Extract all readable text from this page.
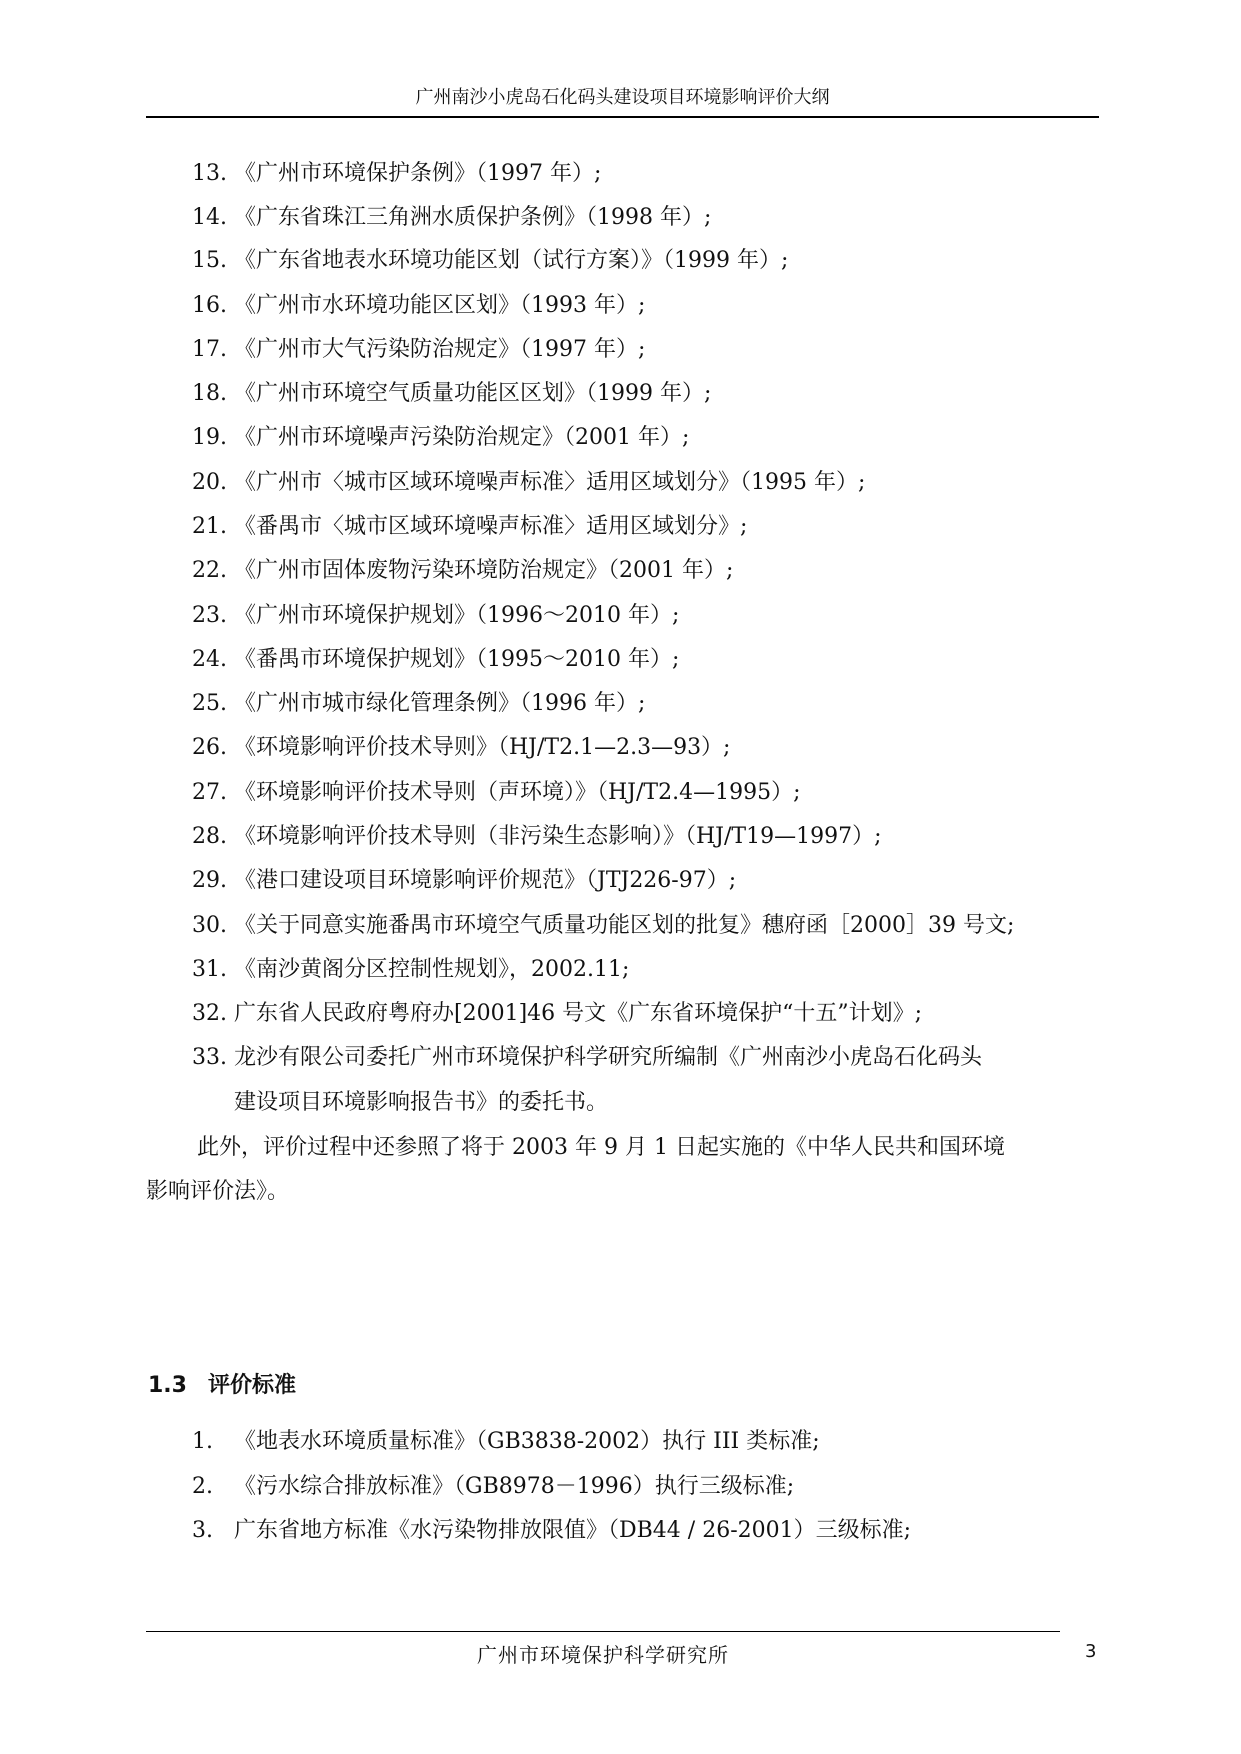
广州南沙小虎岛石化码头建设项目环境影响评价大纲
13. 《广州市环境保护条例》（1997 年）;
14. 《广东省珠江三角洲水质保护条例》（1998 年）;
15. 《广东省地表水环境功能区划（试行方案）》（1999 年）;
16. 《广州市水环境功能区区划》（1993 年）;
17. 《广州市大气污染防治规定》（1997 年）;
18. 《广州市环境空气质量功能区区划》（1999 年）;
19. 《广州市环境噪声污染防治规定》（2001 年）;
20. 《广州市〈城市区域环境噪声标准〉适用区域划分》（1995 年）;
21. 《番禺市〈城市区域环境噪声标准〉适用区域划分》;
22. 《广州市固体废物污染环境防治规定》（2001 年）;
23. 《广州市环境保护规划》（1996～2010 年）;
24. 《番禺市环境保护规划》（1995～2010 年）;
25. 《广州市城市绿化管理条例》（1996 年）;
26. 《环境影响评价技术导则》（HJ/T2.1—2.3—93）;
27. 《环境影响评价技术导则（声环境）》（HJ/T2.4—1995）;
28. 《环境影响评价技术导则（非污染生态影响）》（HJ/T19—1997）;
29. 《港口建设项目环境影响评价规范》（JTJ226-97）;
30. 《关于同意实施番禺市环境空气质量功能区划的批复》穗府函［2000］39 号文;
31. 《南沙黄阁分区控制性规划》，2002.11;
32. 广东省人民政府粤府办[2001]46 号文《广东省环境保护“十五”计划》;
33. 龙沙有限公司委托广州市环境保护科学研究所编制《广州南沙小虎岛石化码头
建设项目环境影响报告书》的委托书。
此外，评价过程中还参照了将于 2003 年 9 月 1 日起实施的《中华人民共和国环境
影响评价法》。
1.3 评价标准
1. 《地表水环境质量标准》（GB3838-2002）执行 III 类标准;
2. 《污水综合排放标准》（GB8978－1996）执行三级标准;
3. 广东省地方标准《水污染物排放限值》（DB44 / 26-2001）三级标准;
广州市环境保护科学研究所	3
